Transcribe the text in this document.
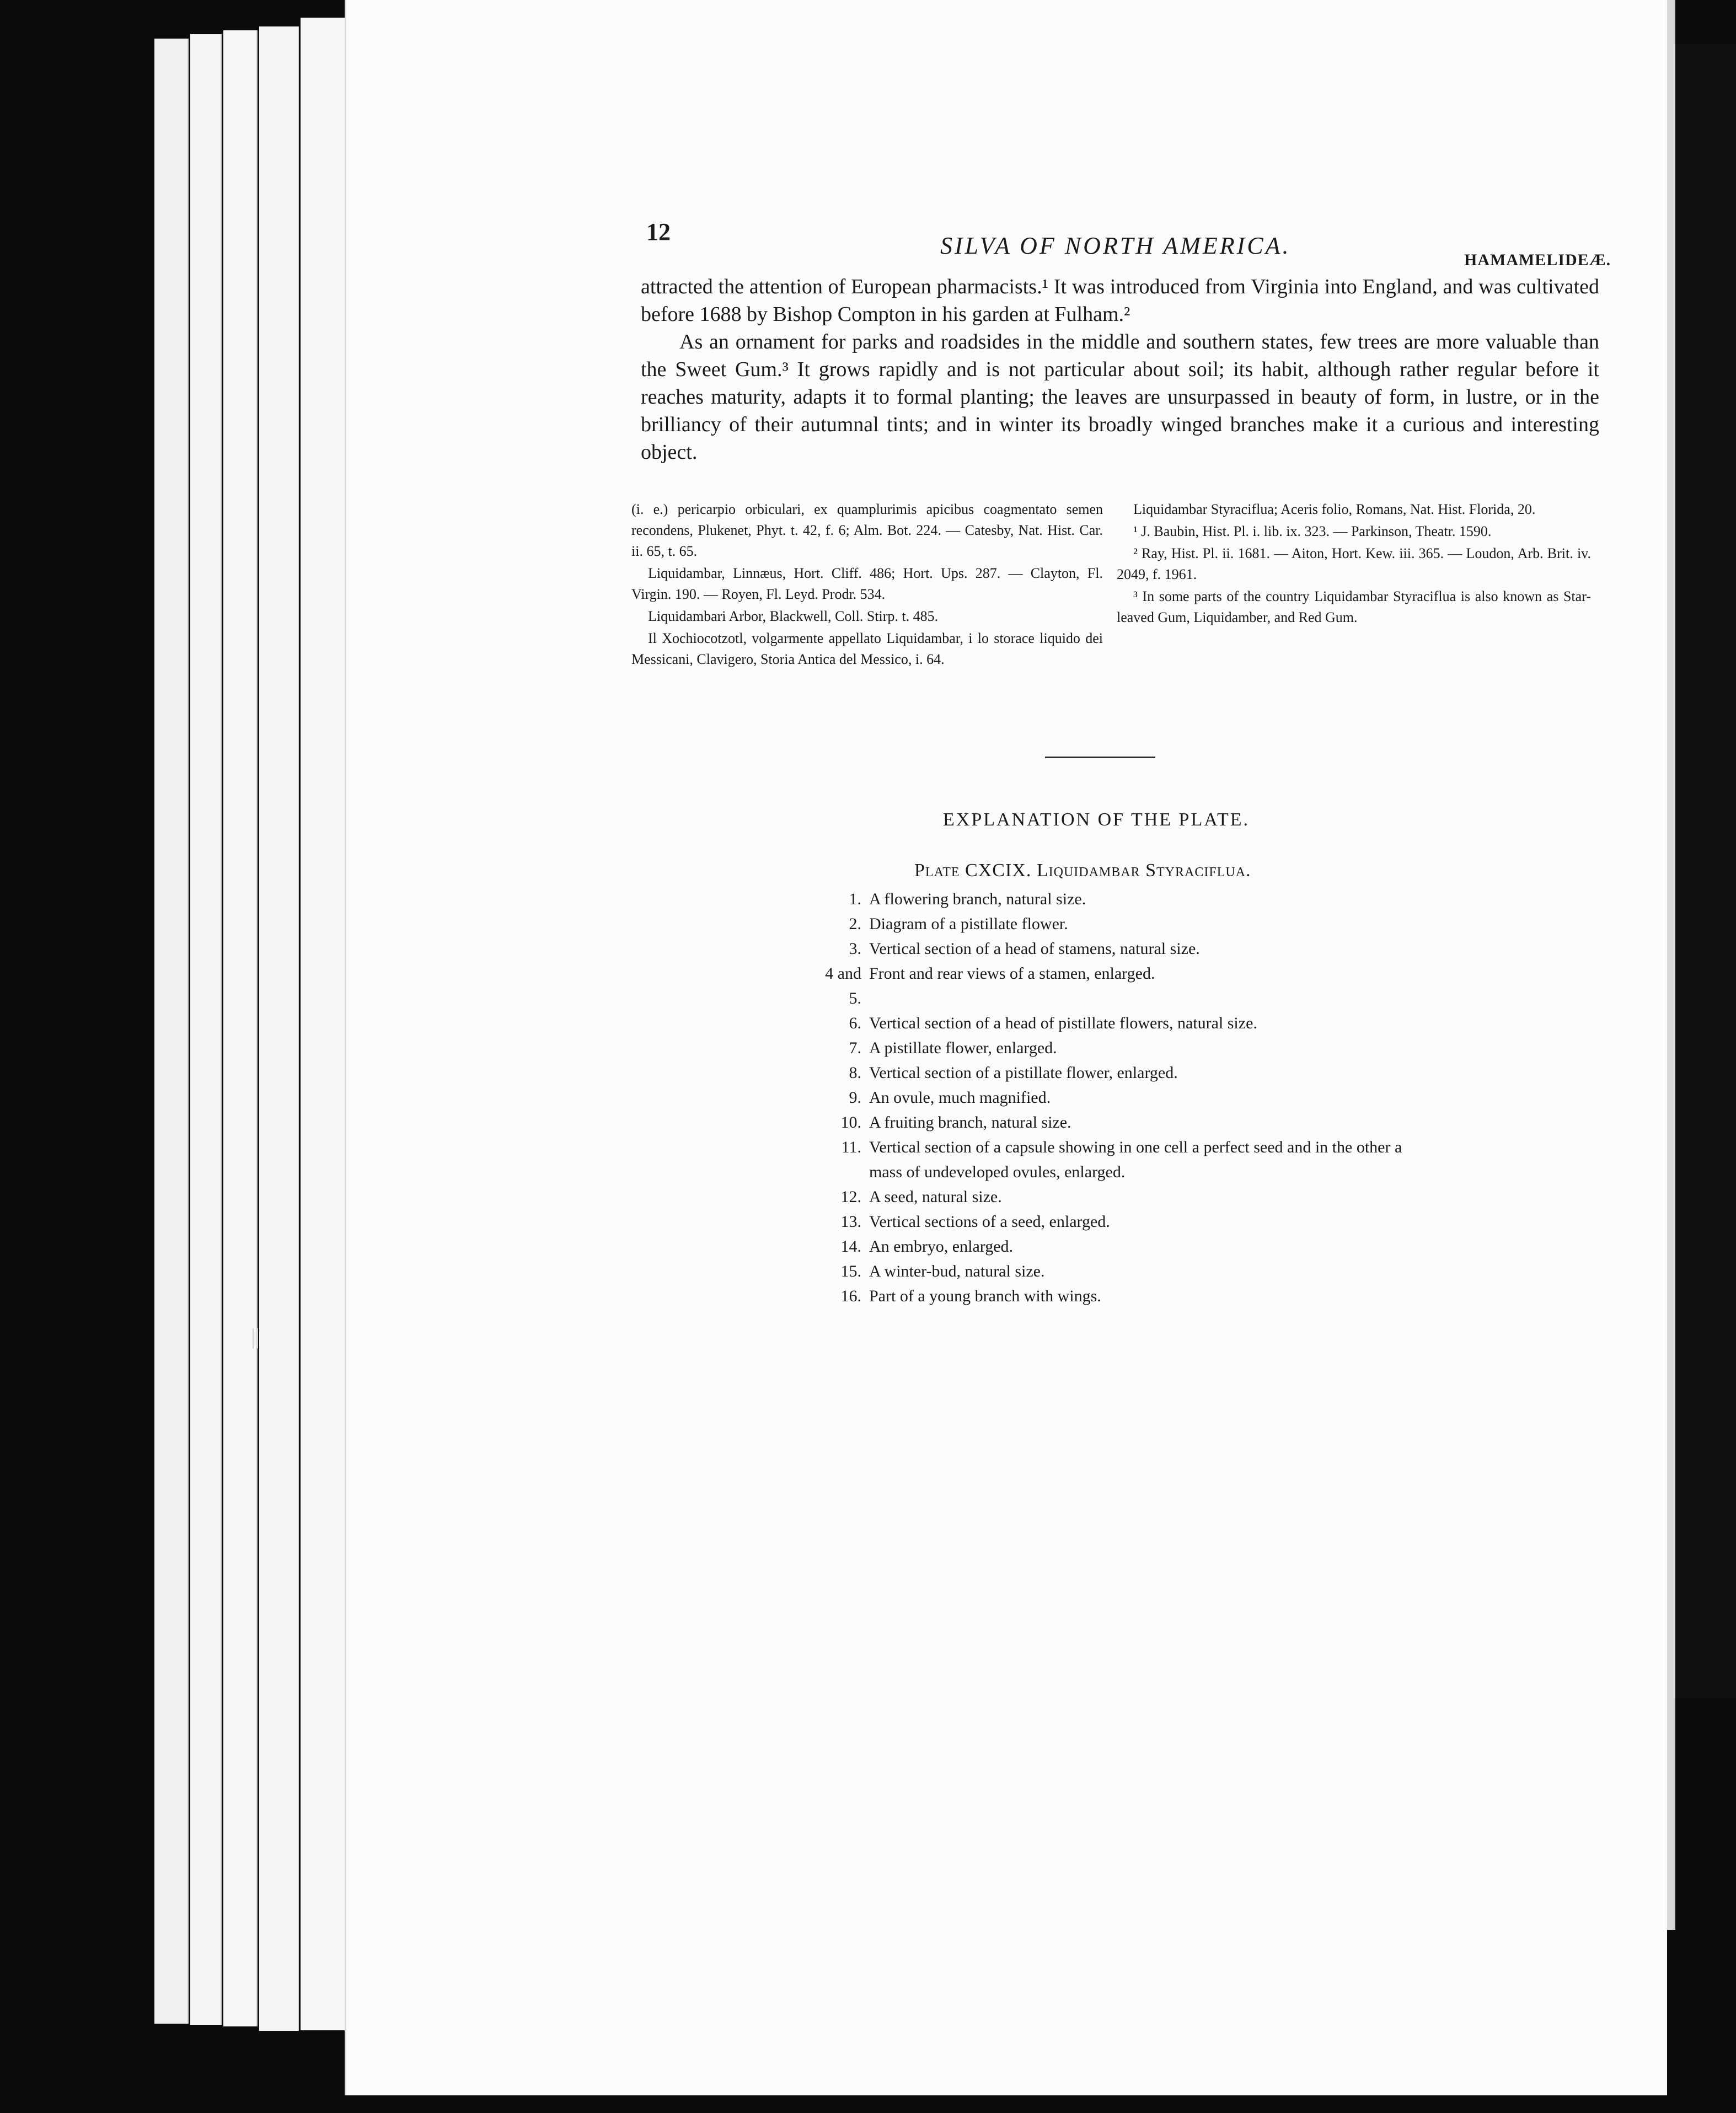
||
12
SILVA OF NORTH AMERICA.
HAMAMELIDEÆ.

attracted the attention of European pharmacists.¹ It was introduced from Virginia into England, and was cultivated before 1688 by Bishop Compton in his garden at Fulham.²

As an ornament for parks and roadsides in the middle and southern states, few trees are more valuable than the Sweet Gum.³ It grows rapidly and is not particular about soil; its habit, although rather regular before it reaches maturity, adapts it to formal planting; the leaves are unsurpassed in beauty of form, in lustre, or in the brilliancy of their autumnal tints; and in winter its broadly winged branches make it a curious and interesting object.

(i. e.) pericarpio orbiculari, ex quamplurimis apicibus coagmentato semen recondens, Plukenet, Phyt. t. 42, f. 6; Alm. Bot. 224. — Catesby, Nat. Hist. Car. ii. 65, t. 65.

Liquidambar, Linnæus, Hort. Cliff. 486; Hort. Ups. 287. — Clayton, Fl. Virgin. 190. — Royen, Fl. Leyd. Prodr. 534.

Liquidambari Arbor, Blackwell, Coll. Stirp. t. 485.

Il Xochiocotzotl, volgarmente appellato Liquidambar, i lo storace liquido dei Messicani, Clavigero, Storia Antica del Messico, i. 64.

Liquidambar Styraciflua; Aceris folio, Romans, Nat. Hist. Florida, 20.

¹ J. Baubin, Hist. Pl. i. lib. ix. 323. — Parkinson, Theatr. 1590.

² Ray, Hist. Pl. ii. 1681. — Aiton, Hort. Kew. iii. 365. — Loudon, Arb. Brit. iv. 2049, f. 1961.

³ In some parts of the country Liquidambar Styraciflua is also known as Star-leaved Gum, Liquidamber, and Red Gum.

EXPLANATION OF THE PLATE.
Plate CXCIX. Liquidambar Styraciflua.
1. A flowering branch, natural size.
2. Diagram of a pistillate flower.
3. Vertical section of a head of stamens, natural size.
4 and 5.
Front and rear views of a stamen, enlarged.
6. Vertical section of a head of pistillate flowers, natural size.
7. A pistillate flower, enlarged.
8. Vertical section of a pistillate flower, enlarged.
9. An ovule, much magnified.
10. A fruiting branch, natural size.
11. Vertical section of a capsule showing in one cell a perfect seed and in the other a mass of undeveloped ovules, enlarged.
12. A seed, natural size.
13. Vertical sections of a seed, enlarged.
14. An embryo, enlarged.
15. A winter-bud, natural size.
16. Part of a young branch with wings.
